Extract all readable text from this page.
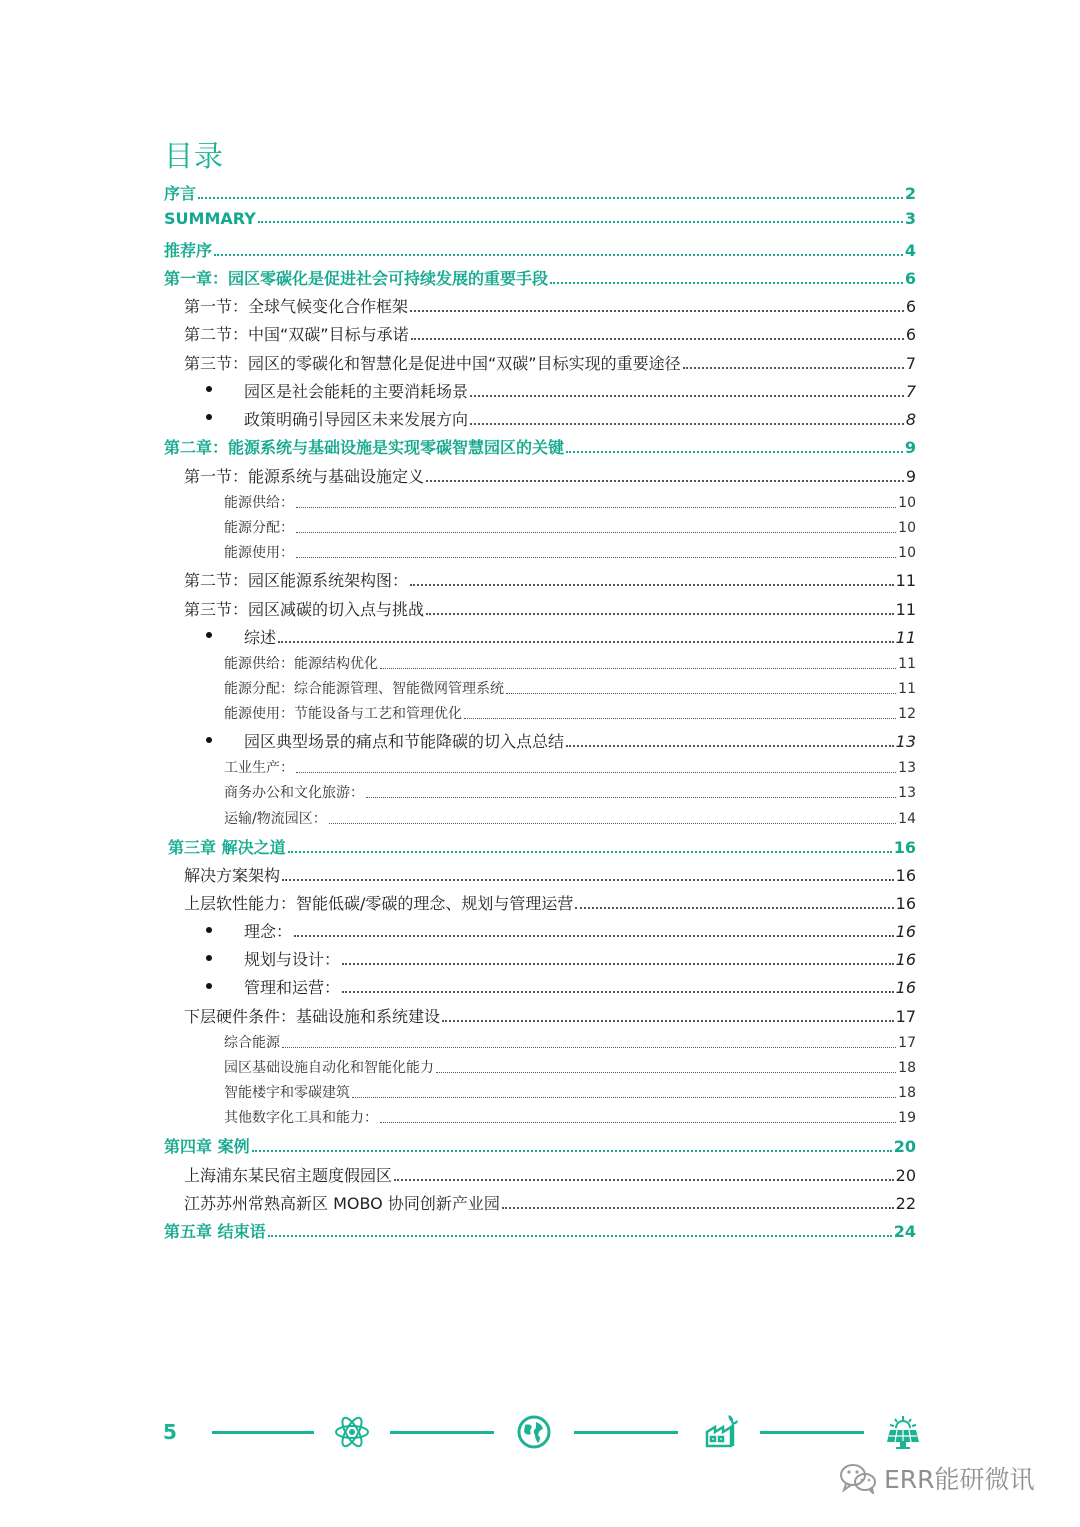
目录
序言	2
SUMMARY	3
推荐序	4
第一章：园区零碳化是促进社会可持续发展的重要手段	6
第一节：全球气候变化合作框架	6
第二节：中国“双碳”目标与承诺	6
第三节：园区的零碳化和智慧化是促进中国“双碳”目标实现的重要途径	7
园区是社会能耗的主要消耗场景	7
政策明确引导园区未来发展方向	8
第二章：能源系统与基础设施是实现零碳智慧园区的关键	9
第一节：能源系统与基础设施定义	9
能源供给：	10
能源分配：	10
能源使用：	10
第二节：园区能源系统架构图：	11
第三节：园区减碳的切入点与挑战	11
综述	11
能源供给：能源结构优化	11
能源分配：综合能源管理、智能微网管理系统	11
能源使用：节能设备与工艺和管理优化	12
园区典型场景的痛点和节能降碳的切入点总结	13
工业生产：	13
商务办公和文化旅游：	13
运输/物流园区：	14
第三章 解决之道	16
解决方案架构	16
上层软性能力：智能低碳/零碳的理念、规划与管理运营	16
理念：	16
规划与设计：	16
管理和运营：	16
下层硬件条件：基础设施和系统建设	17
综合能源	17
园区基础设施自动化和智能化能力	18
智能楼宇和零碳建筑	18
其他数字化工具和能力：	19
第四章 案例	20
上海浦东某民宿主题度假园区	20
江苏苏州常熟高新区 MOBO 协同创新产业园	22
第五章 结束语	24
5
ERR能研微讯
